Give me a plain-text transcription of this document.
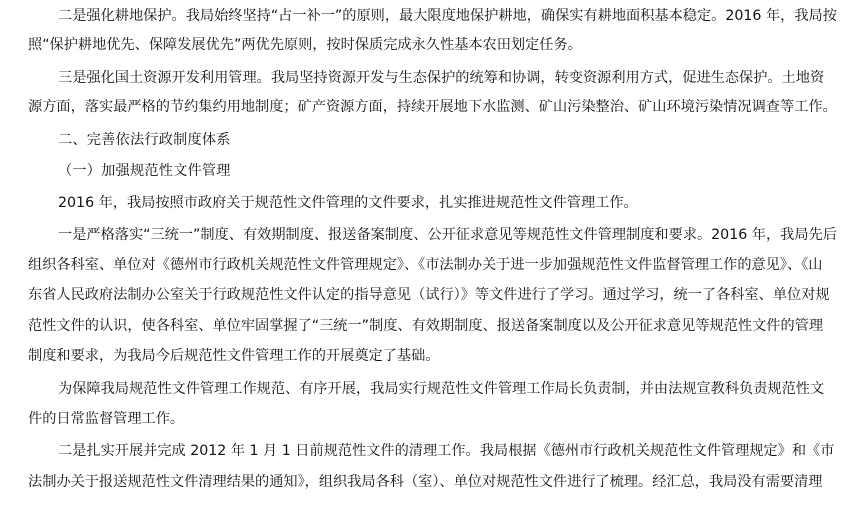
二是强化耕地保护。我局始终坚持“占一补一”的原则，最大限度地保护耕地，确保实有耕地面积基本稳定。2016 年，我局按
照“保护耕地优先、保障发展优先”两优先原则，按时保质完成永久性基本农田划定任务。
三是强化国土资源开发利用管理。我局坚持资源开发与生态保护的统筹和协调，转变资源利用方式，促进生态保护。土地资
源方面，落实最严格的节约集约用地制度；矿产资源方面，持续开展地下水监测、矿山污染整治、矿山环境污染情况调查等工作。
二、完善依法行政制度体系
（一）加强规范性文件管理
2016 年，我局按照市政府关于规范性文件管理的文件要求，扎实推进规范性文件管理工作。
一是严格落实“三统一”制度、有效期制度、报送备案制度、公开征求意见等规范性文件管理制度和要求。2016 年，我局先后
组织各科室、单位对《德州市行政机关规范性文件管理规定》、《市法制办关于进一步加强规范性文件监督管理工作的意见》、《山
东省人民政府法制办公室关于行政规范性文件认定的指导意见（试行）》等文件进行了学习。通过学习，统一了各科室、单位对规
范性文件的认识，使各科室、单位牢固掌握了“三统一”制度、有效期制度、报送备案制度以及公开征求意见等规范性文件的管理
制度和要求，为我局今后规范性文件管理工作的开展奠定了基础。
为保障我局规范性文件管理工作规范、有序开展，我局实行规范性文件管理工作局长负责制，并由法规宣教科负责规范性文
件的日常监督管理工作。
二是扎实开展并完成 2012 年 1 月 1 日前规范性文件的清理工作。我局根据《德州市行政机关规范性文件管理规定》和《市
法制办关于报送规范性文件清理结果的通知》，组织我局各科（室）、单位对规范性文件进行了梳理。经汇总，我局没有需要清理
